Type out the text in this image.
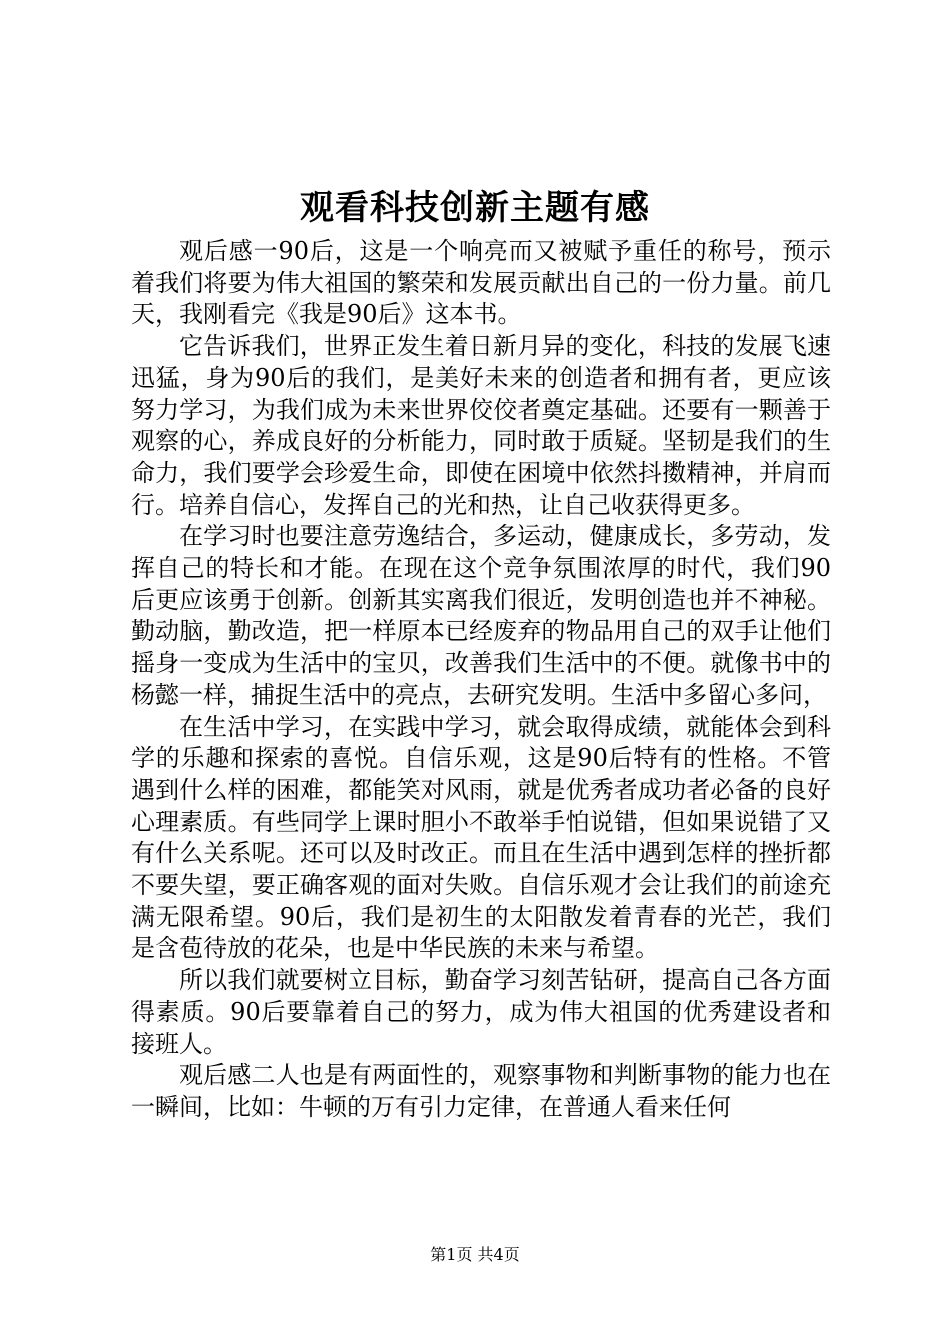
观看科技创新主题有感

观后感一90后，这是一个响亮而又被赋予重任的称号，预示着我们将要为伟大祖国的繁荣和发展贡献出自己的一份力量。前几天，我刚看完《我是90后》这本书。

它告诉我们，世界正发生着日新月异的变化，科技的发展飞速迅猛，身为90后的我们，是美好未来的创造者和拥有者，更应该努力学习，为我们成为未来世界佼佼者奠定基础。还要有一颗善于观察的心，养成良好的分析能力，同时敢于质疑。坚韧是我们的生命力，我们要学会珍爱生命，即使在困境中依然抖擞精神，并肩而行。培养自信心，发挥自己的光和热，让自己收获得更多。

在学习时也要注意劳逸结合，多运动，健康成长，多劳动，发挥自己的特长和才能。在现在这个竞争氛围浓厚的时代，我们90后更应该勇于创新。创新其实离我们很近，发明创造也并不神秘。勤动脑，勤改造，把一样原本已经废弃的物品用自己的双手让他们摇身一变成为生活中的宝贝，改善我们生活中的不便。就像书中的杨懿一样，捕捉生活中的亮点，去研究发明。生活中多留心多问，

在生活中学习，在实践中学习，就会取得成绩，就能体会到科学的乐趣和探索的喜悦。自信乐观，这是90后特有的性格。不管遇到什么样的困难，都能笑对风雨，就是优秀者成功者必备的良好心理素质。有些同学上课时胆小不敢举手怕说错，但如果说错了又有什么关系呢。还可以及时改正。而且在生活中遇到怎样的挫折都不要失望，要正确客观的面对失败。自信乐观才会让我们的前途充满无限希望。90后，我们是初生的太阳散发着青春的光芒，我们是含苞待放的花朵，也是中华民族的未来与希望。

所以我们就要树立目标，勤奋学习刻苦钻研，提高自己各方面得素质。90后要靠着自己的努力，成为伟大祖国的优秀建设者和接班人。

观后感二人也是有两面性的，观察事物和判断事物的能力也在一瞬间，比如：牛顿的万有引力定律，在普通人看来任何

第1页 共4页
